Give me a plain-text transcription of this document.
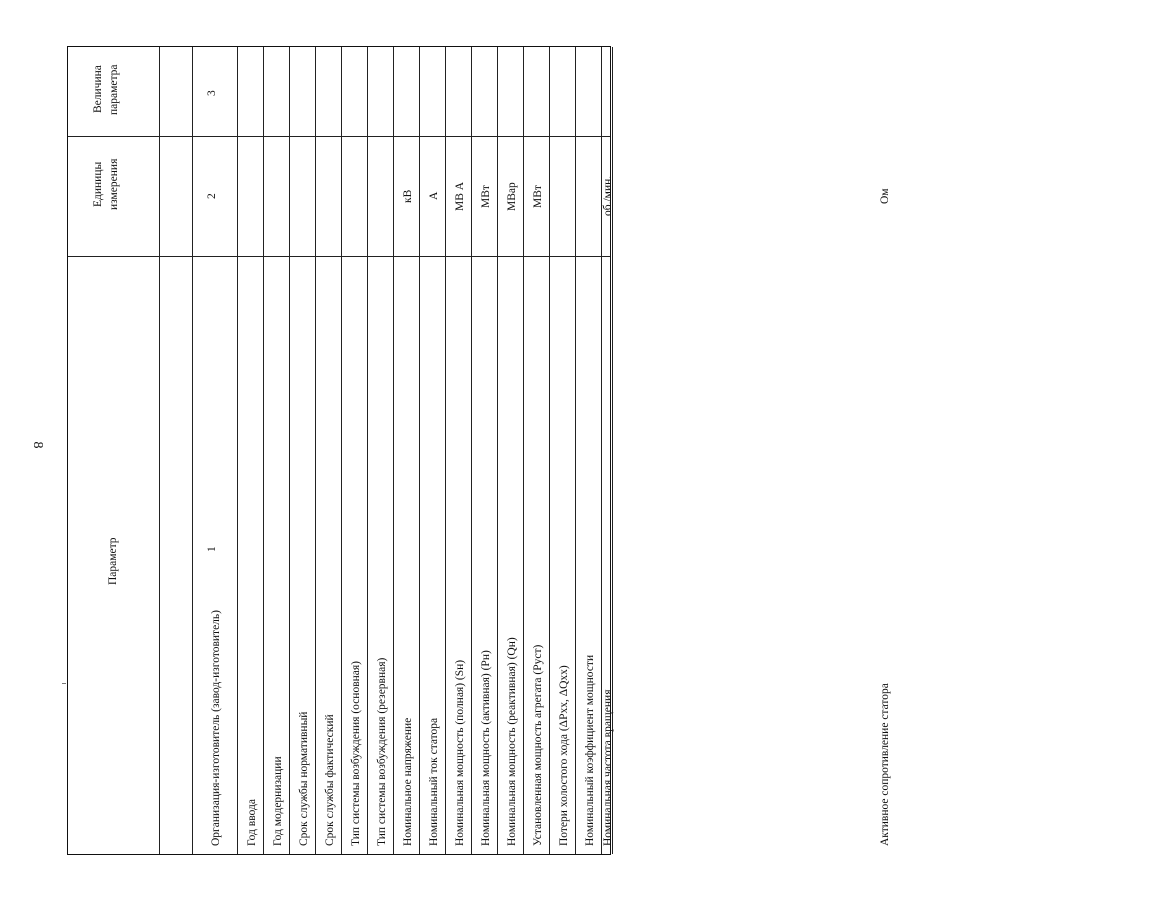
8
Параметр
Единицы измерения
Величина параметра
1
2
3
Организация-изготовитель (завод-изготовитель) Год ввода Год модернизации Срок службы нормативный Срок службы фактический Тип системы возбуждения (основная) Тип системы возбуждения (резервная) Номинальное напряжение
кВ
Номинальный ток статора
А
Номинальная мощность (полная) (Sн)
МВ А
Номинальная мощность (активная) (Рн)
МВт
Номинальная мощность (реактивная) (Qн)
МВар
Установленная мощность агрегата (Руст)
МВт
Потери холостого хода (ΔРхх, ΔQхх) Номинальный коэффициент мощности Номинальная частота вращения
об./мин.
Активное сопротивление статора
Ом
